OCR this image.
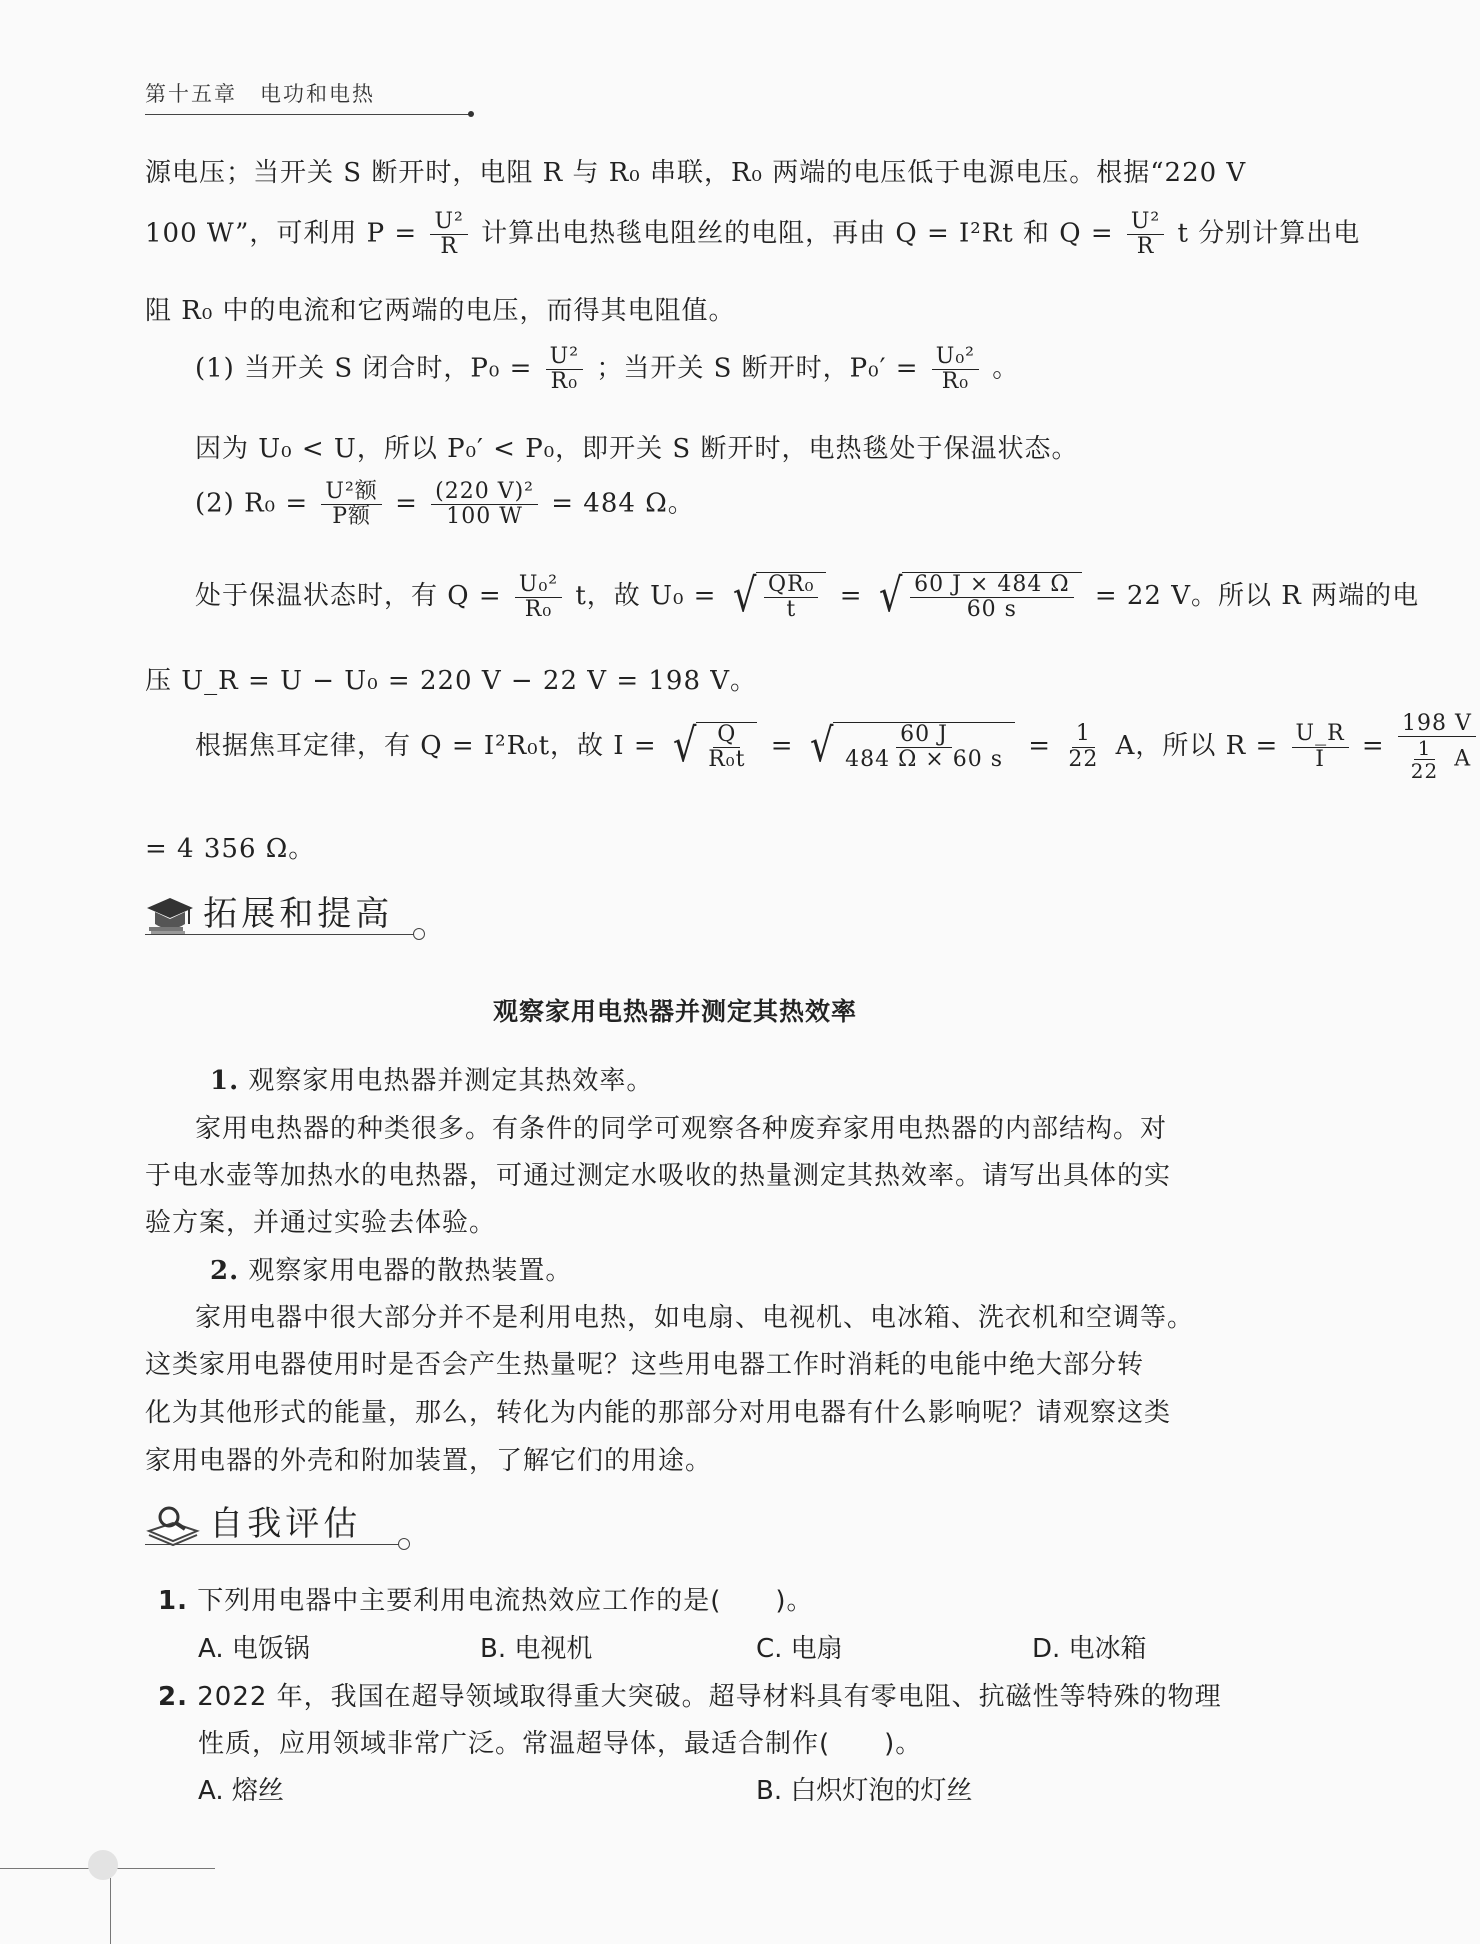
第十五章　电功和电热
源电压；当开关 S 断开时，电阻 R 与 R₀ 串联，R₀ 两端的电压低于电源电压。根据“220 V
100 W”，可利用 $P = \frac{\text{U²}}{R}$ 计算出电热毯电阻丝的电阻，再由 Q = I²Rt 和 $Q = \frac{\text{U²}}{R}$ t 分别计算出电
阻 R₀ 中的电流和它两端的电压，而得其电阻值。
(1) 当开关 S 闭合时，$P_0 = \frac{\text{U²}}{\text{R₀}}$ ；当开关 S 断开时，$P_0' = \frac{\text{U₀²}}{\text{R₀}}$ 。
因为 U₀ < U，所以 P₀′ < P₀，即开关 S 断开时，电热毯处于保温状态。
(2) $R_0 = \frac{\text{U²额}}{\text{P额}} = \frac{\text{(220 V)²}}{100 W} = 484$ Ω。
处于保温状态时，有 $Q = \frac{\text{U₀²}}{\text{R₀}}$ t，故 U₀ = √ $\frac{\text{QR₀}}{t}$ = √ $\frac{60 J \times 484 \Omega}{60 s} = 22$ V。所以 R 两端的电
压 U_R = U − U₀ = 220 V − 22 V = 198 V。
根据焦耳定律，有 Q = I²R₀t，故 I = √ $\frac{Q}{\text{R₀t}}$ = √ $\frac{60 J}{484 \Omega \times 60 s} = \frac{1}{22}$ A，所以 $R = \frac{U\_R}{I} = \frac{198 V}{\frac{1}{22} A}$
= 4 356 Ω。
拓展和提高
观察家用电热器并测定其热效率
1. 观察家用电热器并测定其热效率。
家用电热器的种类很多。有条件的同学可观察各种废弃家用电热器的内部结构。对
于电水壶等加热水的电热器，可通过测定水吸收的热量测定其热效率。请写出具体的实
验方案，并通过实验去体验。
2. 观察家用电器的散热装置。
家用电器中很大部分并不是利用电热，如电扇、电视机、电冰箱、洗衣机和空调等。
这类家用电器使用时是否会产生热量呢？这些用电器工作时消耗的电能中绝大部分转
化为其他形式的能量，那么，转化为内能的那部分对用电器有什么影响呢？请观察这类
家用电器的外壳和附加装置，了解它们的用途。
自我评估
1. 下列用电器中主要利用电流热效应工作的是(　　)。
A. 电饭锅	B. 电视机	C. 电扇	D. 电冰箱
2. 2022 年，我国在超导领域取得重大突破。超导材料具有零电阻、抗磁性等特殊的物理
性质，应用领域非常广泛。常温超导体，最适合制作(　　)。
A. 熔丝	B. 白炽灯泡的灯丝
